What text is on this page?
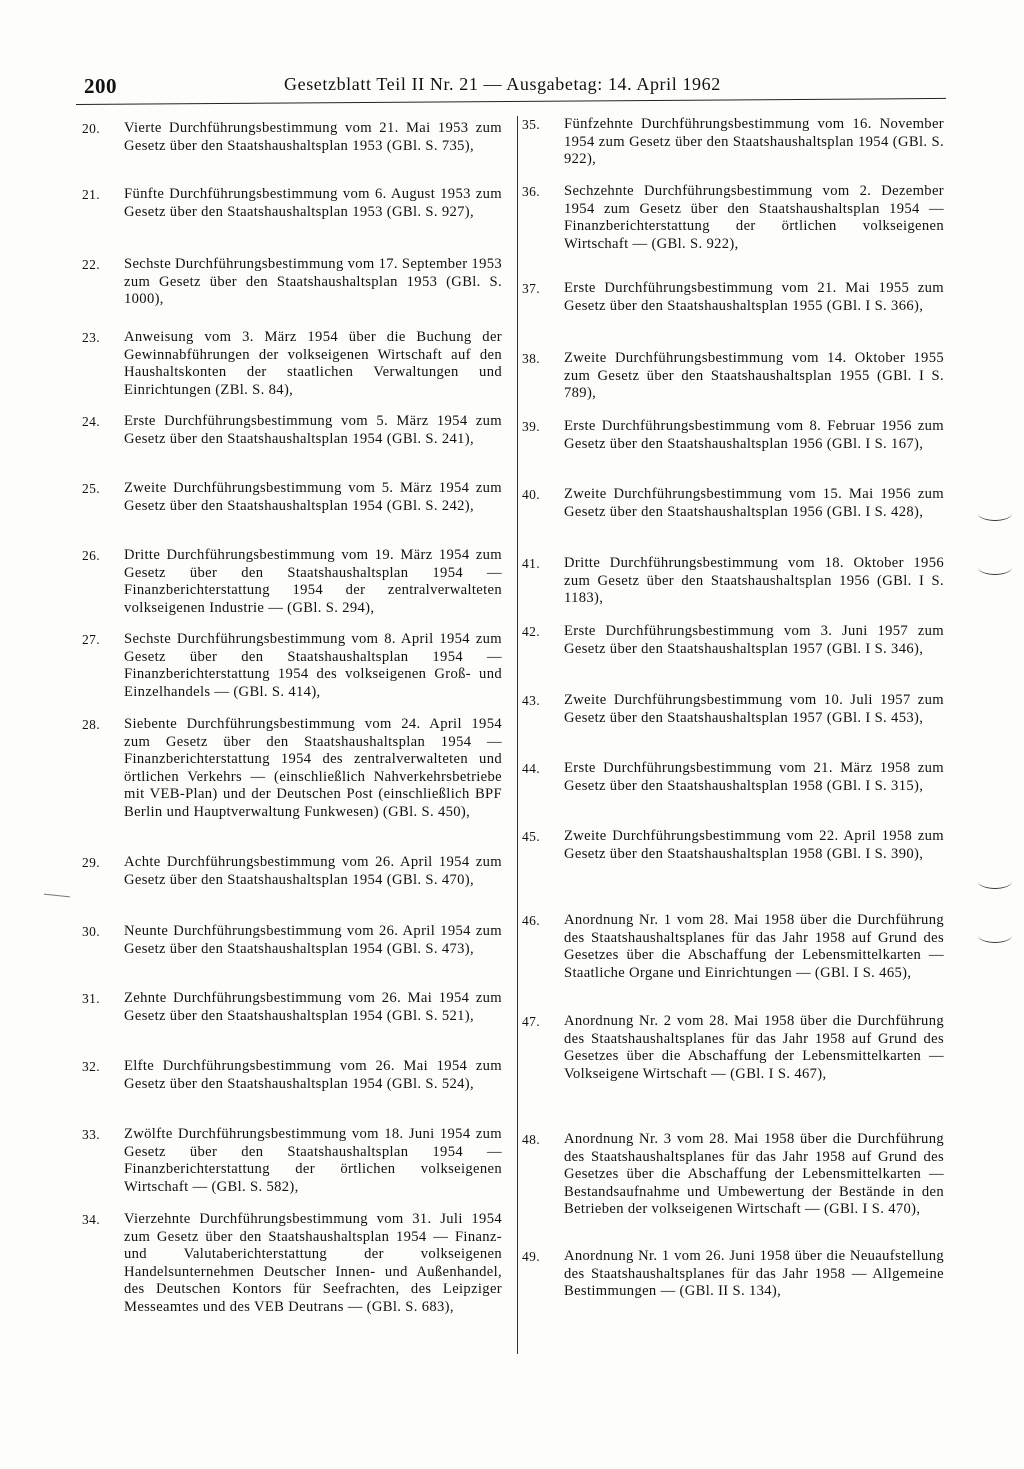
200	Gesetzblatt Teil II Nr. 21 — Ausgabetag: 14. April 1962
20.	Vierte Durchführungsbestimmung vom 21. Mai 1953 zum Gesetz über den Staatshaushaltsplan 1953 (GBl. S. 735),
21.	Fünfte Durchführungsbestimmung vom 6. August 1953 zum Gesetz über den Staatshaushaltsplan 1953 (GBl. S. 927),
22.	Sechste Durchführungsbestimmung vom 17. September 1953 zum Gesetz über den Staatshaushaltsplan 1953 (GBl. S. 1000),
23.	Anweisung vom 3. März 1954 über die Buchung der Gewinnabführungen der volkseigenen Wirtschaft auf den Haushaltskonten der staatlichen Verwaltungen und Einrichtungen (ZBl. S. 84),
24.	Erste Durchführungsbestimmung vom 5. März 1954 zum Gesetz über den Staatshaushaltsplan 1954 (GBl. S. 241),
25.	Zweite Durchführungsbestimmung vom 5. März 1954 zum Gesetz über den Staatshaushaltsplan 1954 (GBl. S. 242),
26.	Dritte Durchführungsbestimmung vom 19. März 1954 zum Gesetz über den Staatshaushaltsplan 1954 — Finanzberichterstattung 1954 der zentralverwalteten volkseigenen Industrie — (GBl. S. 294),
27.	Sechste Durchführungsbestimmung vom 8. April 1954 zum Gesetz über den Staatshaushaltsplan 1954 — Finanzberichterstattung 1954 des volkseigenen Groß- und Einzelhandels — (GBl. S. 414),
28.	Siebente Durchführungsbestimmung vom 24. April 1954 zum Gesetz über den Staatshaushaltsplan 1954 — Finanzberichterstattung 1954 des zentralverwalteten und örtlichen Verkehrs — (einschließlich Nahverkehrsbetriebe mit VEB-Plan) und der Deutschen Post (einschließlich BPF Berlin und Hauptverwaltung Funkwesen) (GBl. S. 450),
29.	Achte Durchführungsbestimmung vom 26. April 1954 zum Gesetz über den Staatshaushaltsplan 1954 (GBl. S. 470),
30.	Neunte Durchführungsbestimmung vom 26. April 1954 zum Gesetz über den Staatshaushaltsplan 1954 (GBl. S. 473),
31.	Zehnte Durchführungsbestimmung vom 26. Mai 1954 zum Gesetz über den Staatshaushaltsplan 1954 (GBl. S. 521),
32.	Elfte Durchführungsbestimmung vom 26. Mai 1954 zum Gesetz über den Staatshaushaltsplan 1954 (GBl. S. 524),
33.	Zwölfte Durchführungsbestimmung vom 18. Juni 1954 zum Gesetz über den Staatshaushaltsplan 1954 — Finanzberichterstattung der örtlichen volkseigenen Wirtschaft — (GBl. S. 582),
34.	Vierzehnte Durchführungsbestimmung vom 31. Juli 1954 zum Gesetz über den Staatshaushaltsplan 1954 — Finanz- und Valutaberichterstattung der volkseigenen Handelsunternehmen Deutscher Innen- und Außenhandel, des Deutschen Kontors für Seefrachten, des Leipziger Messeamtes und des VEB Deutrans — (GBl. S. 683),
35.	Fünfzehnte Durchführungsbestimmung vom 16. November 1954 zum Gesetz über den Staatshaushaltsplan 1954 (GBl. S. 922),
36.	Sechzehnte Durchführungsbestimmung vom 2. Dezember 1954 zum Gesetz über den Staatshaushaltsplan 1954 — Finanzberichterstattung der örtlichen volkseigenen Wirtschaft — (GBl. S. 922),
37.	Erste Durchführungsbestimmung vom 21. Mai 1955 zum Gesetz über den Staatshaushaltsplan 1955 (GBl. I S. 366),
38.	Zweite Durchführungsbestimmung vom 14. Oktober 1955 zum Gesetz über den Staatshaushaltsplan 1955 (GBl. I S. 789),
39.	Erste Durchführungsbestimmung vom 8. Februar 1956 zum Gesetz über den Staatshaushaltsplan 1956 (GBl. I S. 167),
40.	Zweite Durchführungsbestimmung vom 15. Mai 1956 zum Gesetz über den Staatshaushaltsplan 1956 (GBl. I S. 428),
41.	Dritte Durchführungsbestimmung vom 18. Oktober 1956 zum Gesetz über den Staatshaushaltsplan 1956 (GBl. I S. 1183),
42.	Erste Durchführungsbestimmung vom 3. Juni 1957 zum Gesetz über den Staatshaushaltsplan 1957 (GBl. I S. 346),
43.	Zweite Durchführungsbestimmung vom 10. Juli 1957 zum Gesetz über den Staatshaushaltsplan 1957 (GBl. I S. 453),
44.	Erste Durchführungsbestimmung vom 21. März 1958 zum Gesetz über den Staatshaushaltsplan 1958 (GBl. I S. 315),
45.	Zweite Durchführungsbestimmung vom 22. April 1958 zum Gesetz über den Staatshaushaltsplan 1958 (GBl. I S. 390),
46.	Anordnung Nr. 1 vom 28. Mai 1958 über die Durchführung des Staatshaushaltsplanes für das Jahr 1958 auf Grund des Gesetzes über die Abschaffung der Lebensmittelkarten — Staatliche Organe und Einrichtungen — (GBl. I S. 465),
47.	Anordnung Nr. 2 vom 28. Mai 1958 über die Durchführung des Staatshaushaltsplanes für das Jahr 1958 auf Grund des Gesetzes über die Abschaffung der Lebensmittelkarten — Volkseigene Wirtschaft — (GBl. I S. 467),
48.	Anordnung Nr. 3 vom 28. Mai 1958 über die Durchführung des Staatshaushaltsplanes für das Jahr 1958 auf Grund des Gesetzes über die Abschaffung der Lebensmittelkarten — Bestandsaufnahme und Umbewertung der Bestände in den Betrieben der volkseigenen Wirtschaft — (GBl. I S. 470),
49.	Anordnung Nr. 1 vom 26. Juni 1958 über die Neuaufstellung des Staatshaushaltsplanes für das Jahr 1958 — Allgemeine Bestimmungen — (GBl. II S. 134),
